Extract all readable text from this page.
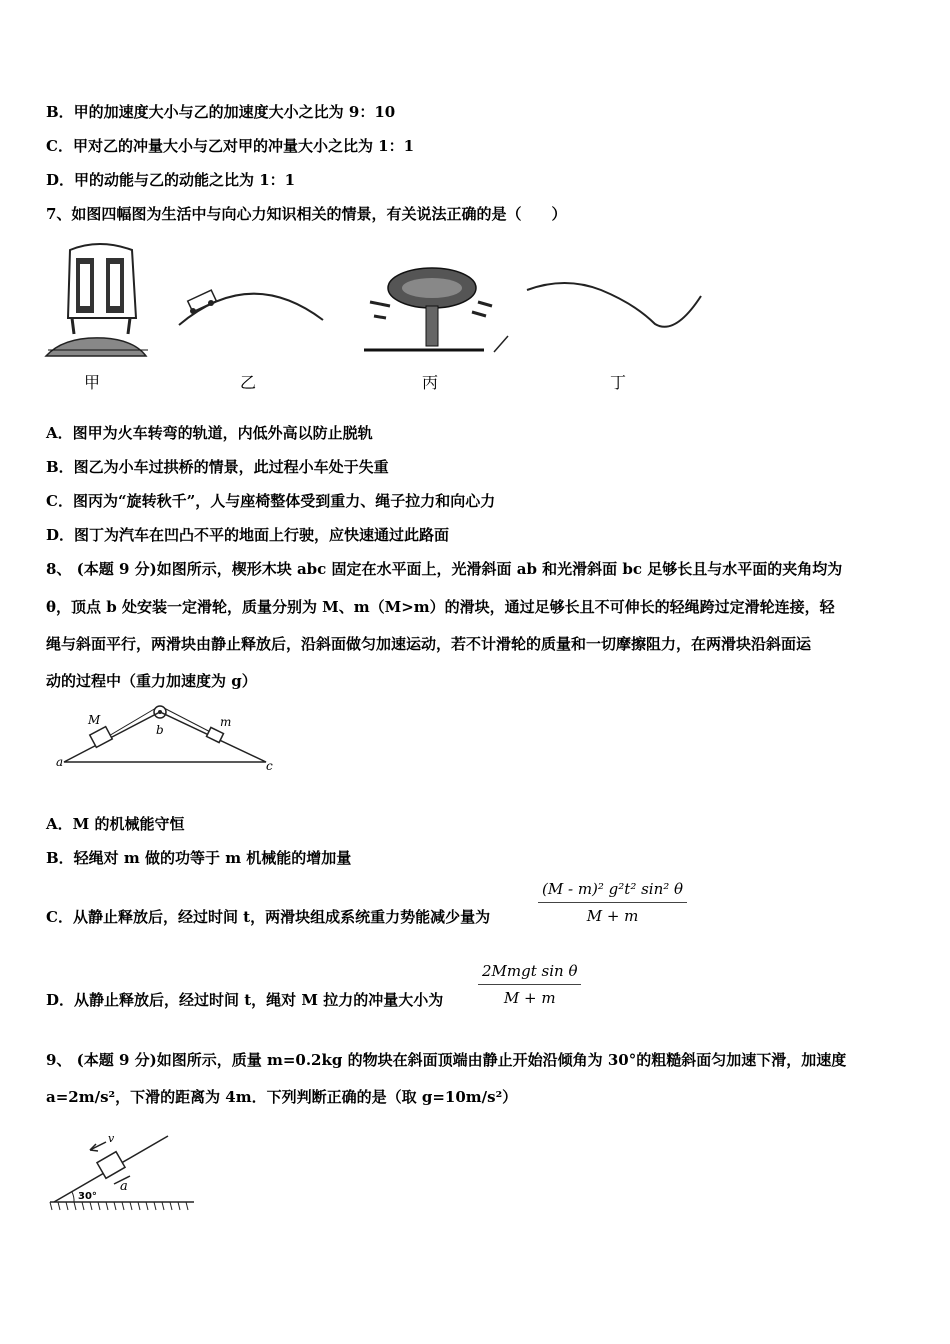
B．甲的加速度大小与乙的加速度大小之比为 9：10
C．甲对乙的冲量大小与乙对甲的冲量大小之比为 1：1
D．甲的动能与乙的动能之比为 1：1
7、如图四幅图为生活中与向心力知识相关的情景，有关说法正确的是（　　）
甲	乙	丙	丁
A．图甲为火车转弯的轨道，内低外高以防止脱轨
B．图乙为小车过拱桥的情景，此过程小车处于失重
C．图丙为“旋转秋千”，人与座椅整体受到重力、绳子拉力和向心力
D．图丁为汽车在凹凸不平的地面上行驶，应快速通过此路面
8、 (本题 9 分)如图所示，楔形木块 abc 固定在水平面上，光滑斜面 ab 和光滑斜面 bc 足够长且与水平面的夹角均为
θ，顶点 b 处安装一定滑轮，质量分别为 M、m（M>m）的滑块，通过足够长且不可伸长的轻绳跨过定滑轮连接，轻
绳与斜面平行，两滑块由静止释放后，沿斜面做匀加速运动，若不计滑轮的质量和一切摩擦阻力，在两滑块沿斜面运
动的过程中（重力加速度为 g）
M	m
a
b
c
A．M 的机械能守恒
B．轻绳对 m 做的功等于 m 机械能的增加量
C．从静止释放后，经过时间 t，两滑块组成系统重力势能减少量为	$\frac{\text{(M - m)² g²t² sin² θ}}{M + m}$
D．从静止释放后，经过时间 t，绳对 M 拉力的冲量大小为
2Mmgt sin θ
M + m
9、 (本题 9 分)如图所示，质量 m=0.2kg 的物块在斜面顶端由静止开始沿倾角为 30°的粗糙斜面匀加速下滑，加速度
a=2m/s²，下滑的距离为 4m．下列判断正确的是（取 g=10m/s²）
v
a
30°
